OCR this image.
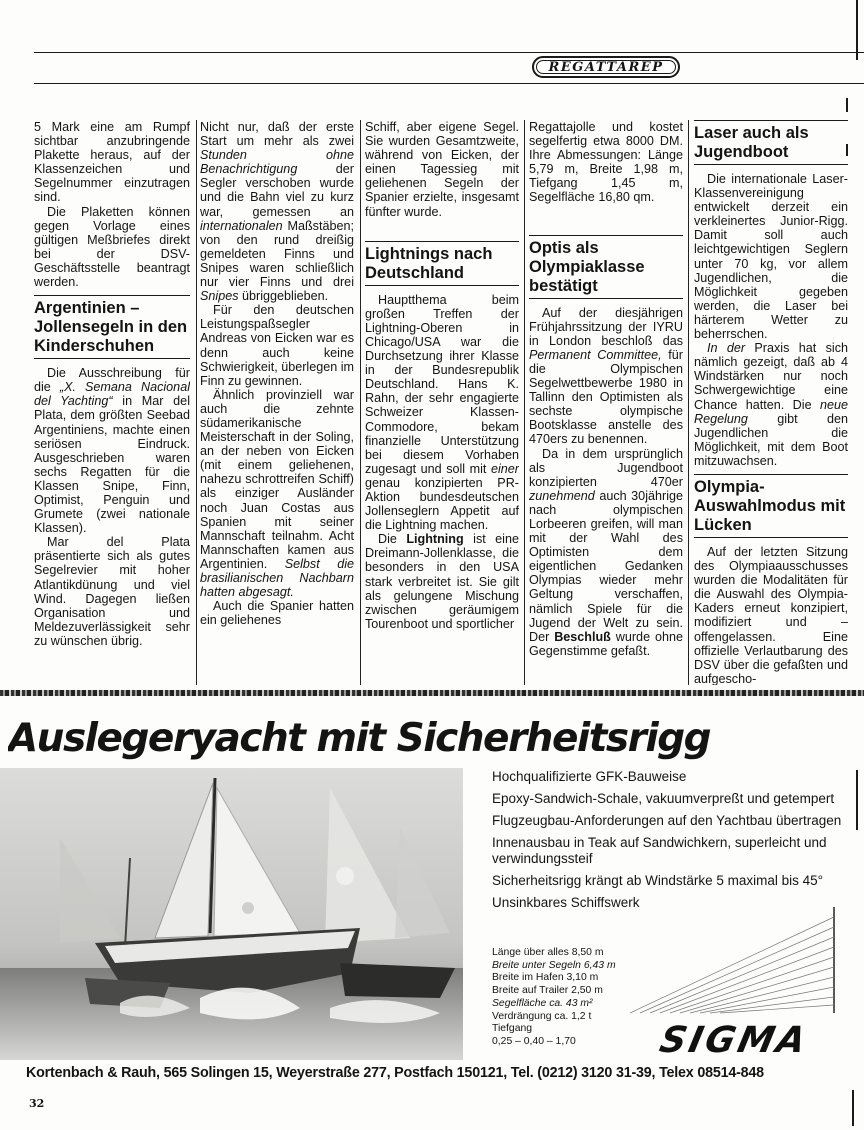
REGATTAREP

5 Mark eine am Rumpf sichtbar anzubringende Plakette heraus, auf der Klassenzeichen und Segelnummer einzutragen sind.

Die Plaketten können gegen Vorlage eines gültigen Meßbriefes direkt bei der DSV-Geschäftsstelle beantragt werden.

Argentinien – Jollensegeln in den Kinderschuhen

Die Ausschreibung für die „X. Semana Nacional del Yachting“ in Mar del Plata, dem größten Seebad Argentiniens, machte einen seriösen Eindruck. Ausgeschrieben waren sechs Regatten für die Klassen Snipe, Finn, Optimist, Penguin und Grumete (zwei nationale Klassen).

Mar del Plata präsentierte sich als gutes Segelrevier mit hoher Atlantikdünung und viel Wind. Dagegen ließen Organisation und Meldezuverlässigkeit sehr zu wünschen übrig.

Nicht nur, daß der erste Start um mehr als zwei Stunden ohne Benachrichtigung der Segler verschoben wurde und die Bahn viel zu kurz war, gemessen an internationalen Maßstäben; von den rund dreißig gemeldeten Finns und Snipes waren schließlich nur vier Finns und drei Snipes übriggeblieben.

Für den deutschen Leistungspaßsegler Andreas von Eicken war es denn auch keine Schwierigkeit, überlegen im Finn zu gewinnen.

Ähnlich provinziell war auch die zehnte südamerikanische Meisterschaft in der Soling, an der neben von Eicken (mit einem geliehenen, nahezu schrottreifen Schiff) als einziger Ausländer noch Juan Costas aus Spanien mit seiner Mannschaft teilnahm. Acht Mannschaften kamen aus Argentinien. Selbst die brasilianischen Nachbarn hatten abgesagt.

Auch die Spanier hatten ein geliehenes

Schiff, aber eigene Segel. Sie wurden Gesamtzweite, während von Eicken, der einen Tagessieg mit geliehenen Segeln der Spanier erzielte, insgesamt fünfter wurde.

Lightnings nach Deutschland

Hauptthema beim großen Treffen der Lightning-Oberen in Chicago/USA war die Durchsetzung ihrer Klasse in der Bundesrepublik Deutschland. Hans K. Rahn, der sehr engagierte Schweizer Klassen-Commodore, bekam finanzielle Unterstützung bei diesem Vorhaben zugesagt und soll mit einer genau konzipierten PR-Aktion bundesdeutschen Jollenseglern Appetit auf die Lightning machen.

Die Lightning ist eine Dreimann-Jollenklasse, die besonders in den USA stark verbreitet ist. Sie gilt als gelungene Mischung zwischen geräumigem Tourenboot und sportlicher

Regattajolle und kostet segelfertig etwa 8000 DM. Ihre Abmessungen: Länge 5,79 m, Breite 1,98 m, Tiefgang 1,45 m, Segelfläche 16,80 qm.

Optis als Olympiaklasse bestätigt

Auf der diesjährigen Frühjahrssitzung der IYRU in London beschloß das Permanent Committee, für die Olympischen Segelwettbewerbe 1980 in Tallinn den Optimisten als sechste olympische Bootsklasse anstelle des 470ers zu benennen.

Da in dem ursprünglich als Jugendboot konzipierten 470er zunehmend auch 30jährige nach olympischen Lorbeeren greifen, will man mit der Wahl des Optimisten dem eigentlichen Gedanken Olympias wieder mehr Geltung verschaffen, nämlich Spiele für die Jugend der Welt zu sein. Der Beschluß wurde ohne Gegenstimme gefaßt.

Laser auch als Jugendboot

Die internationale Laser-Klassenvereinigung entwickelt derzeit ein verkleinertes Junior-Rigg. Damit soll auch leichtgewichtigen Seglern unter 70 kg, vor allem Jugendlichen, die Möglichkeit gegeben werden, die Laser bei härterem Wetter zu beherrschen.

In der Praxis hat sich nämlich gezeigt, daß ab 4 Windstärken nur noch Schwergewichtige eine Chance hatten. Die neue Regelung gibt den Jugendlichen die Möglichkeit, mit dem Boot mitzuwachsen.

Olympia-Auswahlmodus mit Lücken

Auf der letzten Sitzung des Olympiaausschusses wurden die Modalitäten für die Auswahl des Olympia-Kaders erneut konzipiert, modifiziert und – offengelassen. Eine offizielle Verlautbarung des DSV über die gefaßten und aufgescho-

Auslegeryacht mit Sicherheitsrigg
Hochqualifizierte GFK-Bauweise
Epoxy-Sandwich-Schale, vakuumverpreßt und getempert
Flugzeugbau-Anforderungen auf den Yachtbau übertragen
Innenausbau in Teak auf Sandwichkern, superleicht und verwindungssteif
Sicherheitsrigg krängt ab Windstärke 5 maximal bis 45°
Unsinkbares Schiffswerk
Länge über alles 8,50 m
Breite unter Segeln 6,43 m
Breite im Hafen 3,10 m
Breite auf Trailer 2,50 m
Segelfläche ca. 43 m²
Verdrängung ca. 1,2 t
Tiefgang
0,25 – 0,40 – 1,70	SIGMA
Kortenbach & Rauh, 565 Solingen 15, Weyerstraße 277, Postfach 150121, Tel. (0212) 3120 31-39, Telex 08514-848
32
